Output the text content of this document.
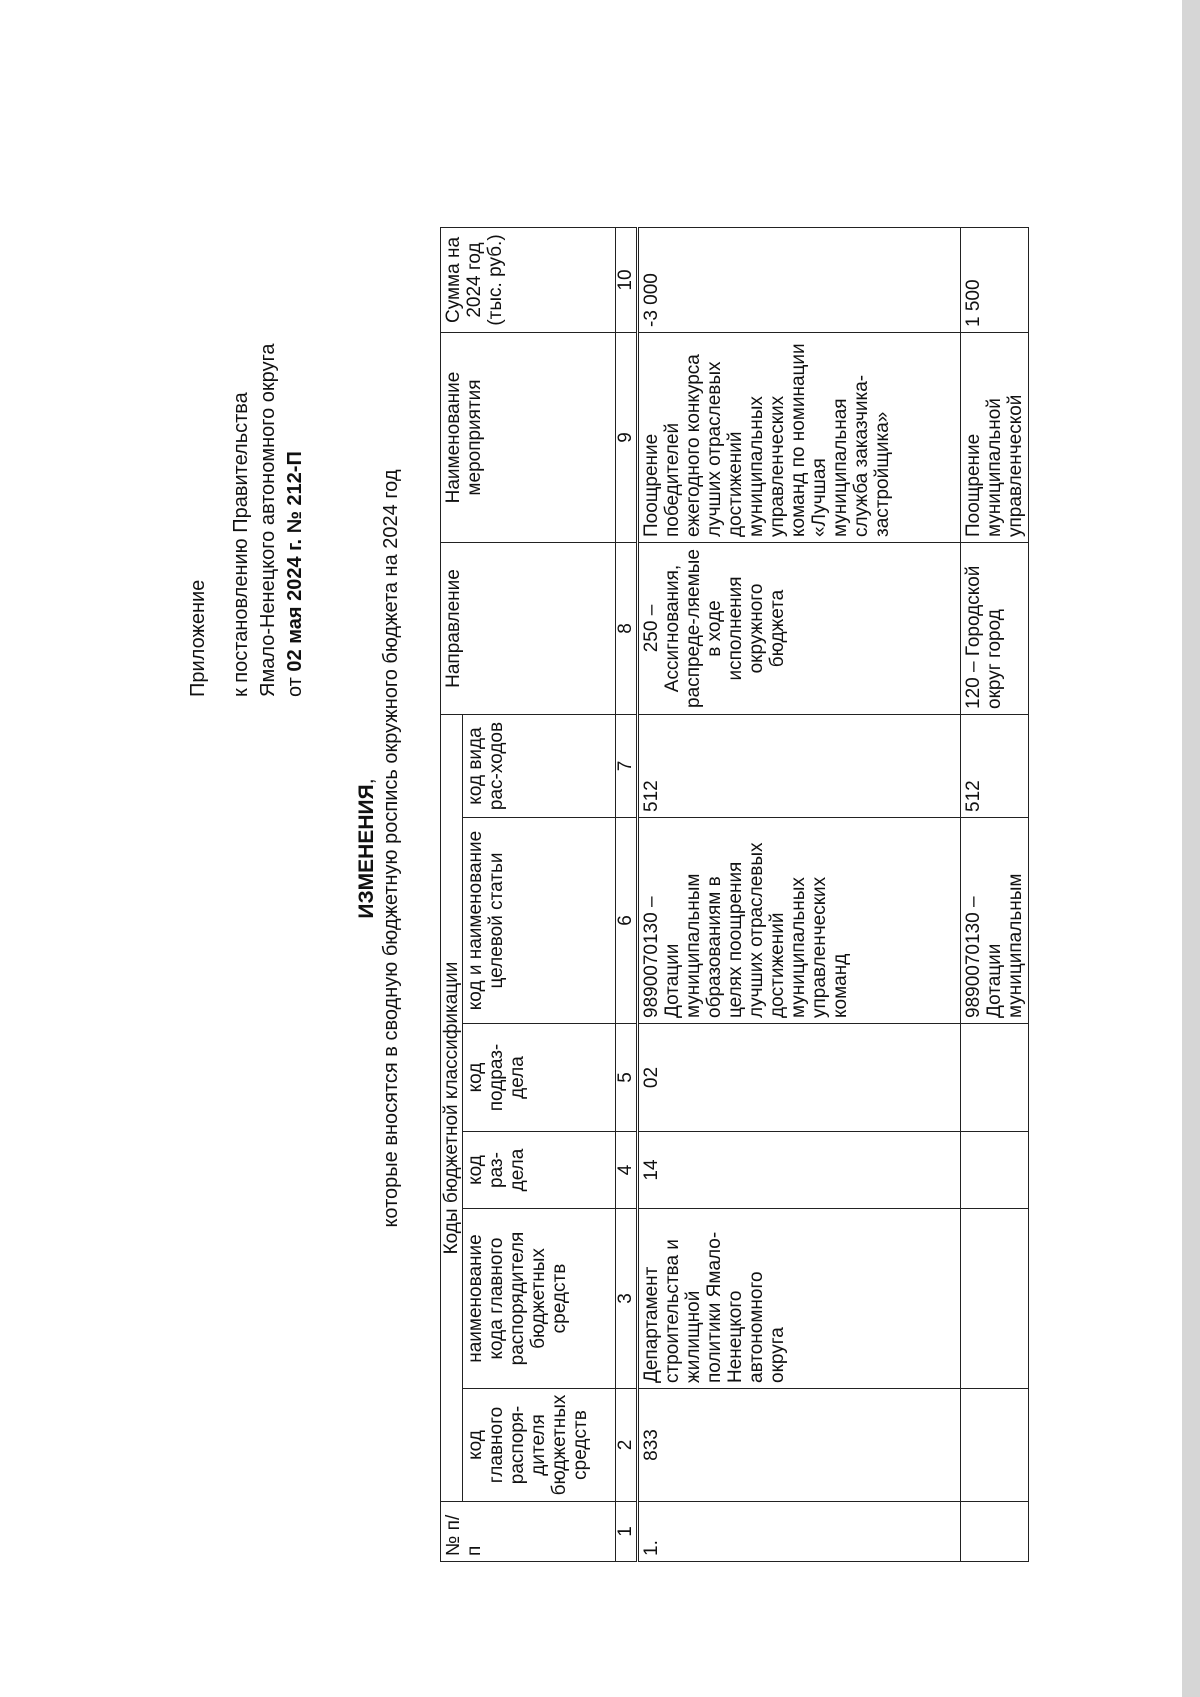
Приложение к постановлению Правительства Ямало-Ненецкого автономного округа от 02 мая 2024 г. № 212-П
ИЗМЕНЕНИЯ, которые вносятся в сводную бюджетную роспись окружного бюджета на 2024 год
№ п/п	Коды бюджетной классификации						Направление	Наименование мероприятия	Сумма на 2024 год (тыс. руб.)
	код главного распоря-дителя бюджетных средств	наименование кода главного распорядителя бюджетных средств	код раз-дела	код подраз-дела	код и наименование целевой статьи	код вида рас-ходов			
1	2	3	4	5	6	7	8	9	10
1.	833	Департамент строительства и жилищной политики Ямало-Ненецкого автономного округа	14	02	9890070130 – Дотации муниципальным образованиям в целях поощрения лучших отраслевых достижений муниципальных управленческих команд	512	250 – Ассигнования, распреде-ляемые в ходе исполнения окружного бюджета	Поощрение победителей ежегодного конкурса лучших отраслевых достижений муниципальных управленческих команд по номинации «Лучшая муниципальная служба заказчика-застройщика»	-3 000
					9890070130 – Дотации муниципальным	512	120 – Городской округ город	Поощрение муниципальной управленческой	1 500
